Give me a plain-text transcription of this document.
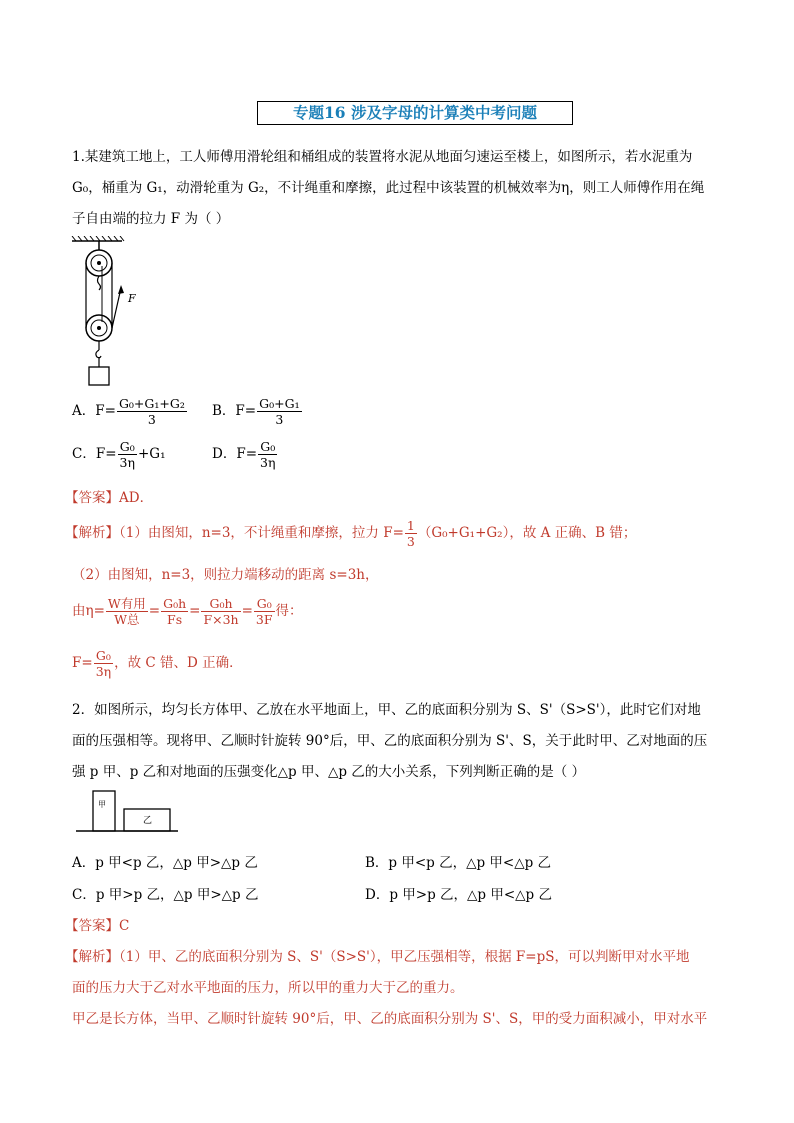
专题16 涉及字母的计算类中考问题
1.某建筑工地上，工人师傅用滑轮组和桶组成的装置将水泥从地面匀速运至楼上，如图所示，若水泥重为
G₀，桶重为 G₁，动滑轮重为 G₂，不计绳重和摩擦，此过程中该装置的机械效率为η，则工人师傅作用在绳
子自由端的拉力 F 为（ ）
F
A．$F= \frac{\text{G₀+G₁+G₂}}{3}$ B．$F= \frac{\text{G₀+G₁}}{3}$
C．$F= \frac{\text{G₀}}{3\eta} +G_1$	D．$F= \frac{\text{G₀}}{3\eta}$
【答案】AD．
【解析】（1）由图知，n=3，不计绳重和摩擦，拉力 $F= \frac{1}{3} (G_0+G_1+G_2)$，故 A 正确、B 错；
（2）由图知，n=3，则拉力端移动的距离 s=3h，
由$\eta= \frac{\text{W有用}}{\text{W总}} = \frac{\text{G₀h}}{Fs} = \frac{\text{G₀h}}{F\times 3h} = \frac{\text{G₀}}{3F}$ 得：
$F= \frac{\text{G₀}}{3\eta}$ ，故 C 错、D 正确．
2．如图所示，均匀长方体甲、乙放在水平地面上，甲、乙的底面积分别为 S、S'（S>S'），此时它们对地
面的压强相等。现将甲、乙顺时针旋转 90°后，甲、乙的底面积分别为 S'、S，关于此时甲、乙对地面的压
强 p 甲、p 乙和对地面的压强变化△p 甲、△p 乙的大小关系，下列判断正确的是（ ）
甲
乙
A．p 甲<p 乙，△p 甲>△p 乙	B．p 甲<p 乙，△p 甲<△p 乙
C．p 甲>p 乙，△p 甲>△p 乙	D．p 甲>p 乙，△p 甲<△p 乙
【答案】C
【解析】（1）甲、乙的底面积分别为 S、S'（S>S'），甲乙压强相等，根据 F=pS，可以判断甲对水平地
面的压力大于乙对水平地面的压力，所以甲的重力大于乙的重力。
甲乙是长方体，当甲、乙顺时针旋转 90°后，甲、乙的底面积分别为 S'、S，甲的受力面积减小，甲对水平
